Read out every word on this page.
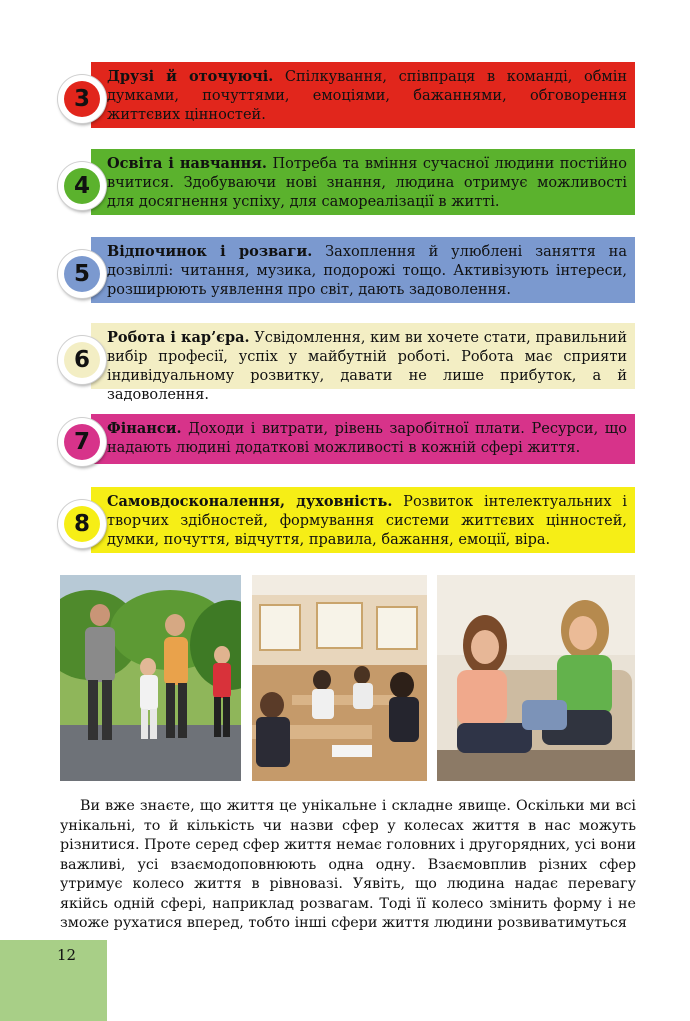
Друзі й оточуючі. Спілкування, співпраця в команді, обмін думками, почуттями, емоціями, бажаннями, обговорення життєвих цінностей.
3
Освіта і навчання. Потреба та вміння сучасної людини постійно вчитися. Здобуваючи нові знання, людина отримує можливості для досягнення успіху, для самореалізації в житті.
4
Відпочинок і розваги. Захоплення й улюблені заняття на дозвіллі: читання, музика, подорожі тощо. Активізують інтереси, розширюють уявлення про світ, дають задоволення.
5
Робота і кар’єра. Усвідомлення, ким ви хочете стати, правильний вибір професії, успіх у майбутній роботі. Робота має сприяти індивідуальному розвитку, давати не лише прибуток, а й задоволення.
6
Фінанси. Доходи і витрати, рівень заробітної плати. Ресурси, що надають людині додаткові можливості в кожній сфері життя.
7
Самовдосконалення, духовність. Розвиток інтелектуальних і творчих здібностей, формування системи життєвих цінностей, думки, почуття, відчуття, правила, бажання, емоції, віра.
8

Ви вже знаєте, що життя це унікальне і складне явище. Оскільки ми всі унікальні, то й кількість чи назви сфер у колесах життя в нас можуть різнитися. Проте серед сфер життя немає головних і другорядних, усі вони важливі, усі взаємодоповнюють одна одну. Взаємовплив різних сфер утримує колесо життя в рівновазі. Уявіть, що людина надає перевагу якійсь одній сфері, наприклад розвагам. Тоді її колесо змінить форму і не зможе рухатися вперед, тобто інші сфери життя людини розвиватимуться

12
